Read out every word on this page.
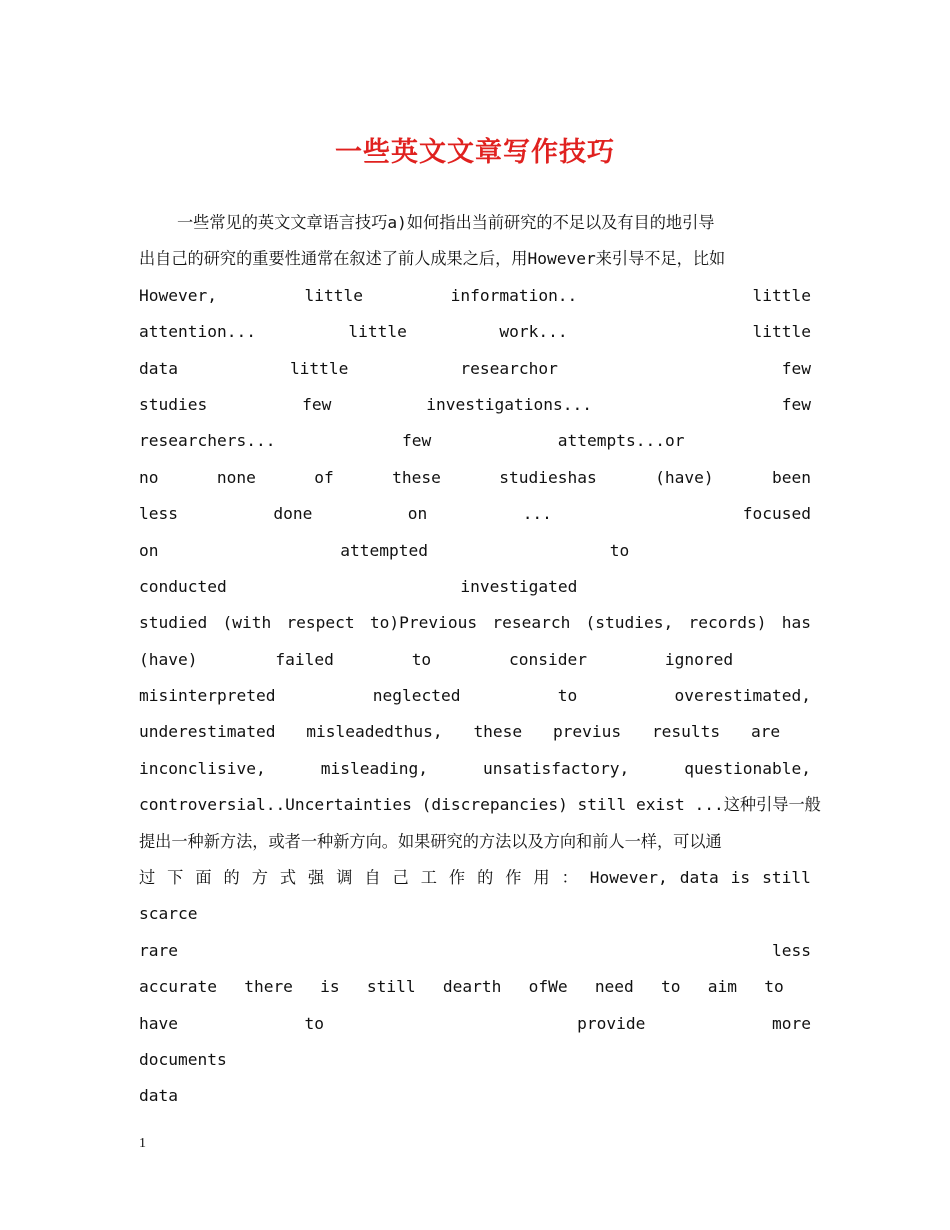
一些英文文章写作技巧
一些常见的英文文章语言技巧a)如何指出当前研究的不足以及有目的地引导
出自己的研究的重要性通常在叙述了前人成果之后，用However来引导不足，比如
However,	little	information..	little
attention...	little	work...	little
data	little	researchor	few
studies	few	investigations...	few
researchers...	few	attempts...or
no	none	of	these	studieshas	(have)	been
less	done	on	...	focused
on	attempted	to
conducted	investigated
studied (with respect to)Previous research (studies, records) has
(have)	failed	to	consider	ignored
misinterpreted	neglected	to	overestimated,
underestimated misleadedthus, these previus results are
inconclisive,	misleading,	unsatisfactory,	questionable,
controversial..Uncertainties (discrepancies) still exist ...这种引导一般
提出一种新方法，或者一种新方向。如果研究的方法以及方向和前人一样，可以通
过 下 面 的 方 式 强 调 自 己 工 作 的 作 用 ： However, data is still
scarce
rare	less
accurate there is still dearth ofWe need to aim to
have	to	provide	more
documents
data
1
